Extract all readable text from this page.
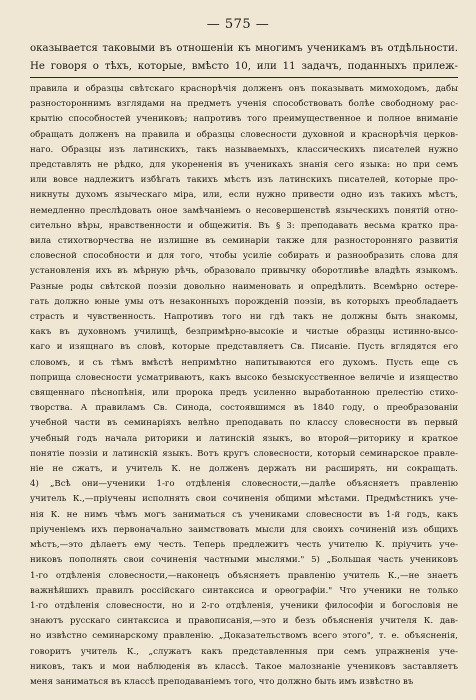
— 575 —
оказывается таковыми въ отношенiи къ многимъ ученикамъ въ отдѣльности.
Не говоря о тѣхъ, которые, вмѣсто 10, или 11 задачъ, поданныхъ прилеж-
правила и образцы свѣтскаго краснорѣчiя долженъ онъ показывать мимоходомъ, дабы
разностороннимъ взглядами на предметъ ученiя способствовать болѣе свободному рас-
крытiю способностей учениковъ; напротивъ того преимущественное и полное вниманiе
обращать долженъ на правила и образцы словесности духовной и краснорѣчiя церков-
наго. Образцы изъ латинскихъ, такъ называемыхъ, классическихъ писателей нужно
представлять не рѣдко, для укорененiя въ ученикахъ знанiя сего языка: но при семъ
или вовсе надлежитъ избѣгать такихъ мѣстъ изъ латинскихъ писателей, которые про-
никнуты духомъ языческаго мiра, или, если нужно привести одно изъ такихъ мѣстъ,
немедленно преслѣдовать оное замѣчанiемъ о несовершенствѣ языческихъ понятiй отно-
сительно вѣры, нравственности и общежитiя. Въ § 3: преподавать весьма кратко пра-
вила стихотворчества не излишне въ семинарiи также для разносторонняго развитiя
словесной способности и для того, чтобы усилiе собирать и разнообразить слова для
установленiя ихъ въ мѣрную рѣчь, образовало привычку оборотливѣе владѣть языкомъ.
Разные роды свѣтской поэзiи довольно наименовать и опредѣлить. Всемѣрно остере-
гать должно юные умы отъ незаконныхъ порожденiй поэзiи, въ которыхъ преобладаетъ
страсть и чувственность. Напротивъ того ни гдѣ такъ не должны быть знакомы,
какъ въ духовномъ училищѣ, безпримѣрно-высокiе и чистые образцы истинно-высо-
каго и изящнаго въ словѣ, которые представляетъ Св. Писанiе. Пусть вглядятся его
словомъ, и съ тѣмъ вмѣстѣ непримѣтно напитываются его духомъ. Пусть еще съ
поприща словесности усматриваютъ, какъ высоко безыскусственное величiе и изящество
священнаго пѣснопѣнiя, или пророка предъ усиленно выработанною прелестiю стихо-
творства. А правиламъ Св. Синода, состоявшимся въ 1840 году, о преобразованiи
учебной части въ семинарiяхъ велѣно преподавать по классу словесности въ первый
учебный годъ начала риторики и латинскiй языкъ, во второй—риторику и краткое
понятiе поэзiи и латинскiй языкъ. Вотъ кругъ словесности, который семинарское правле-
нiе не сжатъ, и учитель К. не долженъ держать ни расширять, ни сокращать.
4) „Всѣ они—ученики 1-го отдѣленiя словесности,—далѣе объясняетъ правленiю
учитель К.,—прiучены исполнять свои сочиненiя общими мѣстами. Предмѣстникъ уче-
нiя К. не нимъ чѣмъ могъ заниматься съ учениками словесности въ 1-й годъ, какъ
прiученiемъ ихъ первоначально заимствовать мысли для своихъ сочиненiй изъ общихъ
мѣстъ,—это дѣлаетъ ему честь. Теперь предлежитъ честь учителю К. прiучить уче-
никовъ пополнять свои сочиненiя частными мыслями." 5) „Большая часть учениковъ
1-го отдѣленiя словесности,—наконецъ объясняетъ правленiю учитель К.,—не знаетъ
важнѣйшихъ правилъ россiйскаго синтаксиса и орѳографiи." Что ученики не только
1-го отдѣленiя словесности, но и 2-го отдѣленiя, ученики философiи и богословiя не
знаютъ русскаго синтаксиса и правописанiя,—это и безъ объясненiя учителя К. дав-
но извѣстно семинарскому правленiю. „Доказательствомъ всего этого", т. е. объясненiя,
говоритъ учитель К., „служатъ какъ представленныя при семъ упражненiя уче-
никовъ, такъ и мои наблюденiя въ классѣ. Такое малознанiе учениковъ заставляетъ
меня заниматься въ классѣ преподаванiемъ того, что должно быть имъ извѣстно въ
